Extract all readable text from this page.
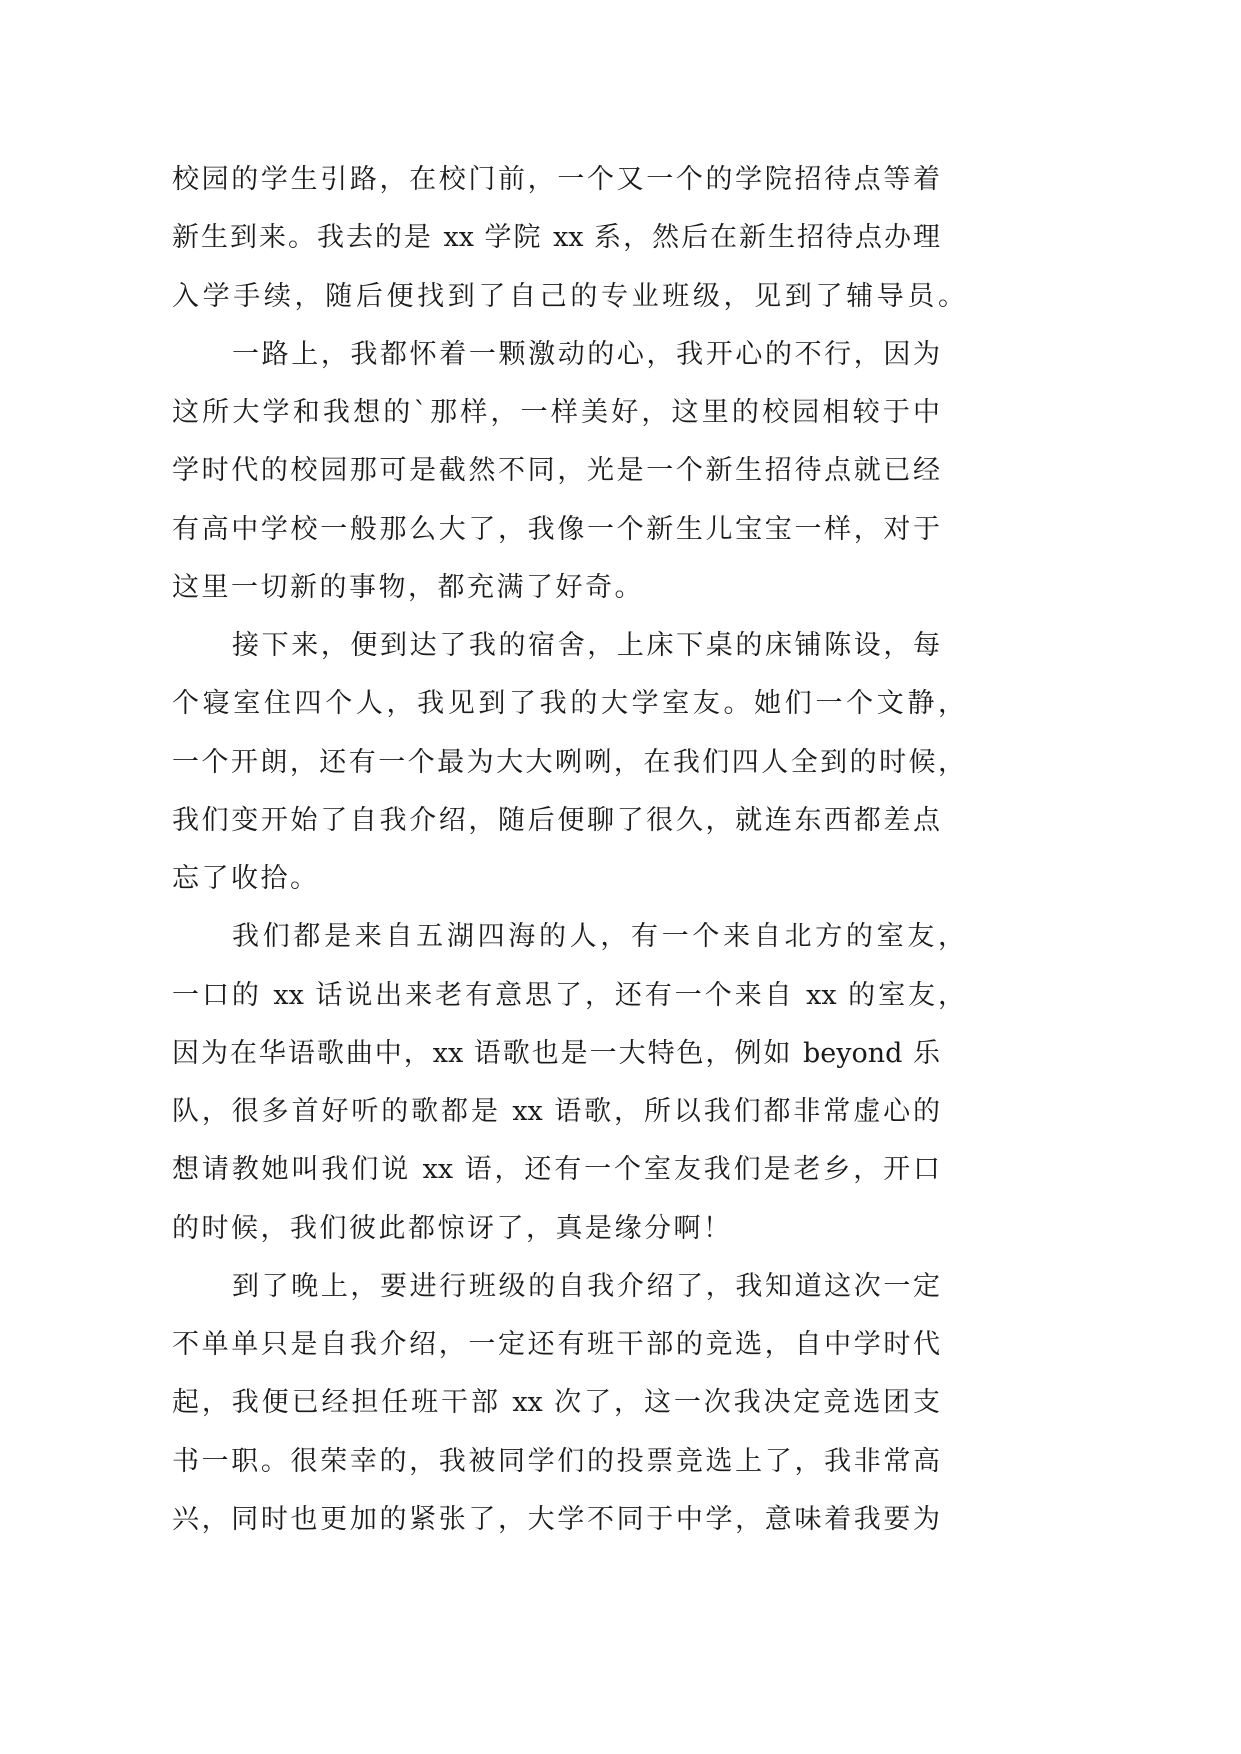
校园的学生引路，在校门前，一个又一个的学院招待点等着
新生到来。我去的是 xx 学院 xx 系，然后在新生招待点办理
入学手续，随后便找到了自己的专业班级，见到了辅导员。
一路上，我都怀着一颗激动的心，我开心的不行，因为
这所大学和我想的`那样，一样美好，这里的校园相较于中
学时代的校园那可是截然不同，光是一个新生招待点就已经
有高中学校一般那么大了，我像一个新生儿宝宝一样，对于
这里一切新的事物，都充满了好奇。
接下来，便到达了我的宿舍，上床下桌的床铺陈设，每
个寝室住四个人，我见到了我的大学室友。她们一个文静，
一个开朗，还有一个最为大大咧咧，在我们四人全到的时候，
我们变开始了自我介绍，随后便聊了很久，就连东西都差点
忘了收拾。
我们都是来自五湖四海的人，有一个来自北方的室友，
一口的 xx 话说出来老有意思了，还有一个来自 xx 的室友，
因为在华语歌曲中，xx 语歌也是一大特色，例如 beyond 乐
队，很多首好听的歌都是 xx 语歌，所以我们都非常虚心的
想请教她叫我们说 xx 语，还有一个室友我们是老乡，开口
的时候，我们彼此都惊讶了，真是缘分啊！
到了晚上，要进行班级的自我介绍了，我知道这次一定
不单单只是自我介绍，一定还有班干部的竞选，自中学时代
起，我便已经担任班干部 xx 次了，这一次我决定竞选团支
书一职。很荣幸的，我被同学们的投票竞选上了，我非常高
兴，同时也更加的紧张了，大学不同于中学，意味着我要为
